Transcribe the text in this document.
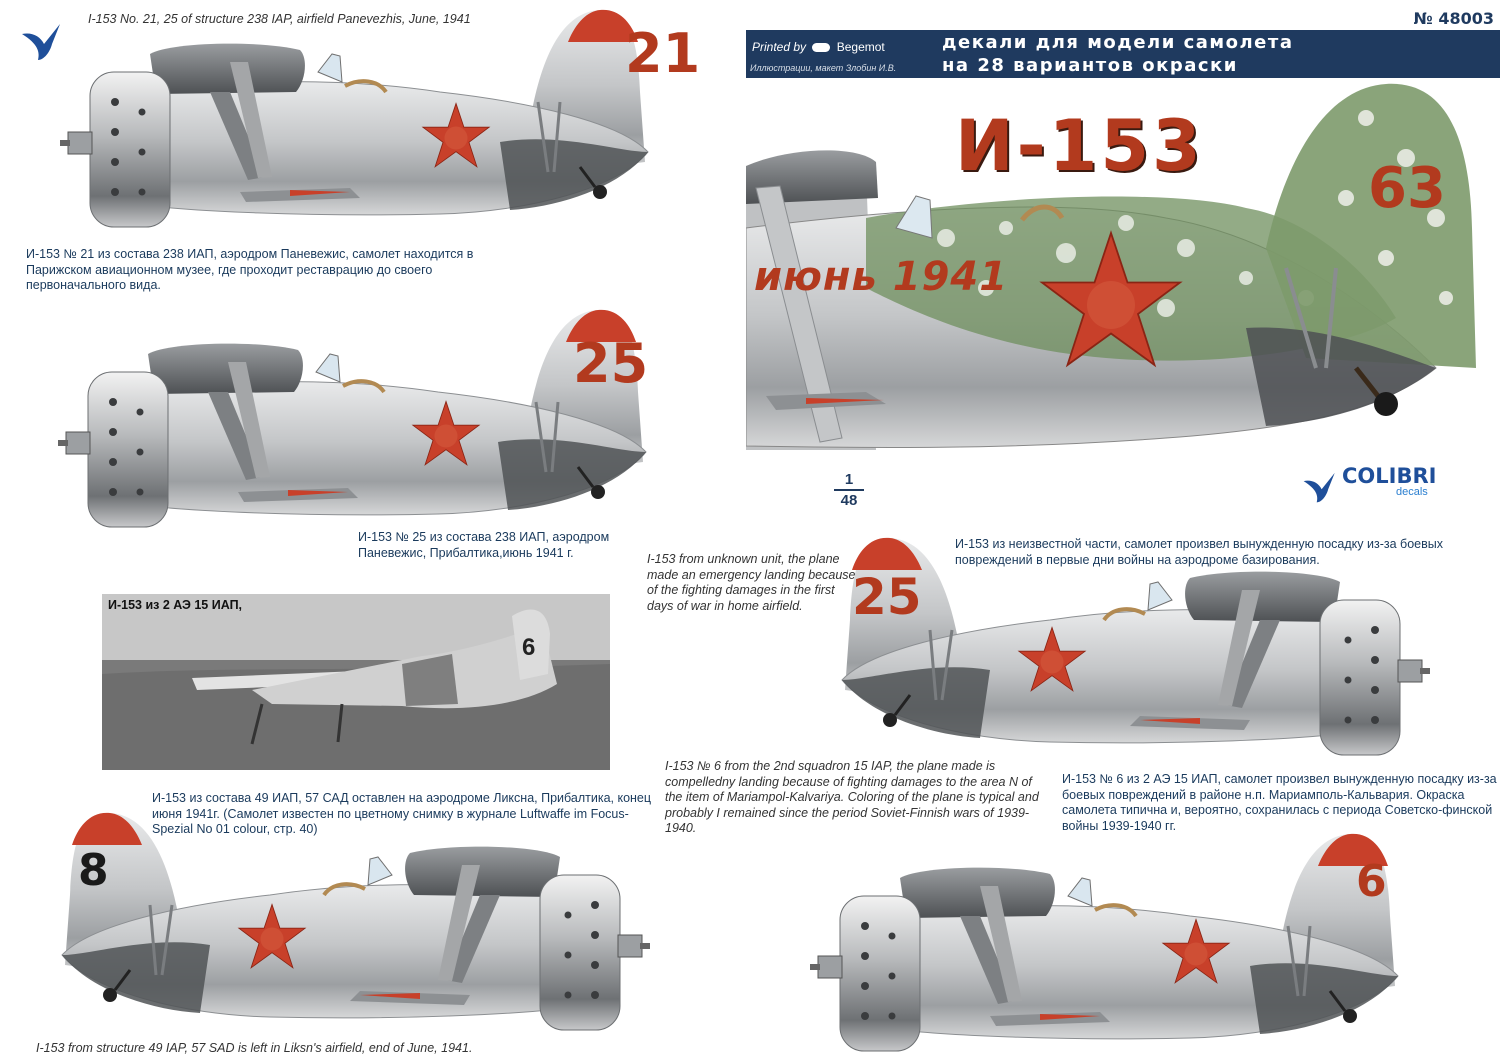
I-153 No. 21, 25 of structure 238 IAP, airfield Panevezhis, June, 1941
21
И-153 № 21 из состава 238 ИАП, аэродром Паневежис, самолет находится в Парижском авиационном музее, где проходит реставрацию до своего первоначального вида.
25
И-153 № 25 из состава 238 ИАП, аэродром Паневежис, Прибалтика,июнь 1941 г.
И-153 из 2 АЭ 15 ИАП,
6
И-153 из состава 49 ИАП, 57 САД оставлен на аэродроме Ликсна, Прибалтика, конец июня 1941г. (Самолет известен по цветному снимку в журнале Luftwaffe im Focus-Spezial No 01 colour, стр. 40)
8
I-153 from structure 49 IAP, 57 SAD is left in Liksn's airfield, end of June, 1941.
№ 48003
Printed by	Begemot
Иллюстрации, макет Злобин И.В.
декали для модели самолета
на 28 вариантов окраски
июнь 1941
63
И-153
1
48
COLIBRI
decals
I-153 from unknown unit, the plane made an emergency landing because of the fighting damages in the first days of war in home airfield.
И-153 из неизвестной части, самолет произвел вынужденную посадку из-за боевых повреждений в первые дни войны на аэродроме базирования.
25
I-153 № 6 from the 2nd squadron 15 IAP, the plane made is compelledny landing because of fighting damages to the area N of the item of Mariampol-Kalvariya. Coloring of the plane is typical and probably I remained since the period Soviet-Finnish wars of 1939-1940.
И-153 № 6 из 2 АЭ 15 ИАП, самолет произвел вынужденную посадку из-за боевых повреждений в районе н.п. Мариамполь-Кальвария. Окраска самолета типична и, вероятно, сохранилась с периода Советско-финской войны 1939-1940 гг.
6
